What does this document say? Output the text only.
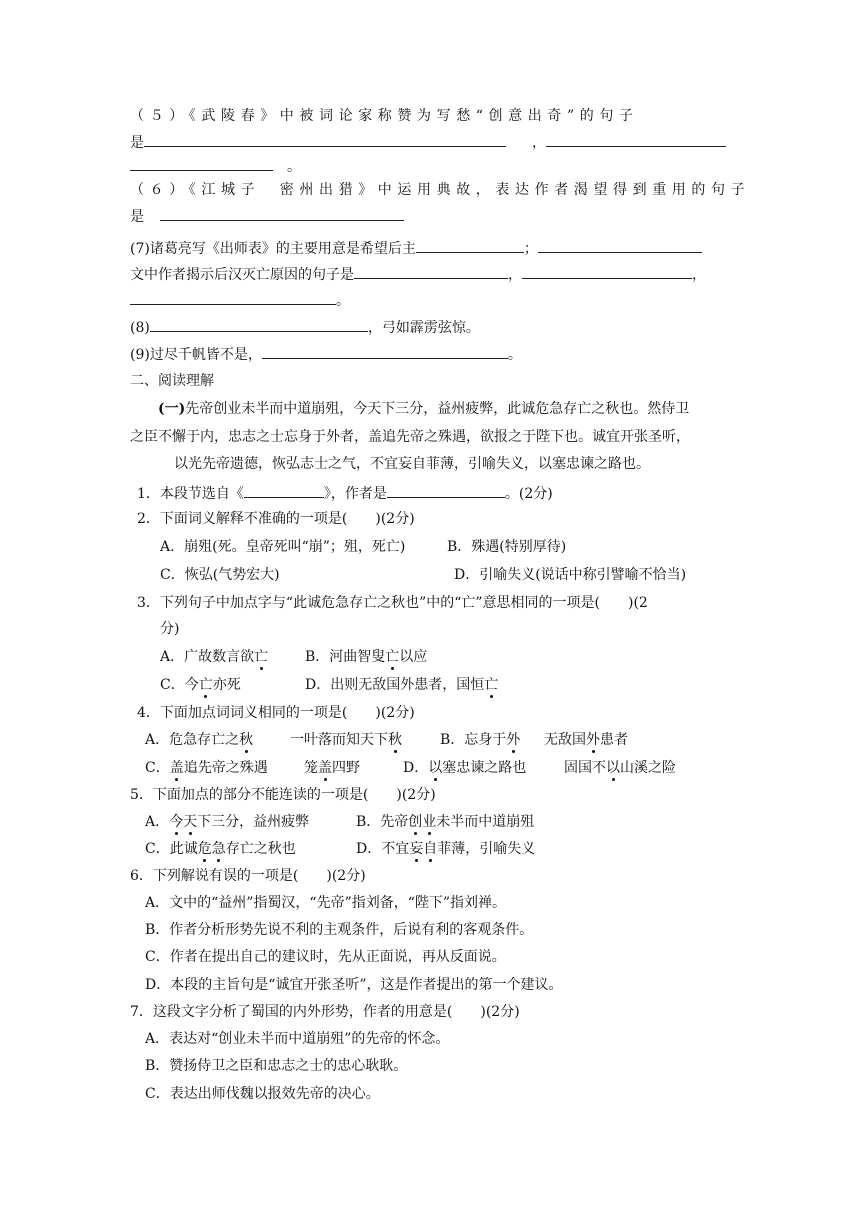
（５）《武陵春》中被词论家称赞为写愁“创意出奇”的句子
是	，
。
（６）《江城子　密州出猎》中运用典故，表达作者渴望得到重用的句子
是
(7)诸葛亮写《出师表》的主要用意是希望后主	；
文中作者揭示后汉灭亡原因的句子是	，	，
。
(8)	，弓如霹雳弦惊。
(9)过尽千帆皆不是，	。
二、阅读理解
(一)先帝创业未半而中道崩殂，今天下三分，益州疲弊，此诚危急存亡之秋也。然侍卫
之臣不懈于内，忠志之士忘身于外者，盖追先帝之殊遇，欲报之于陛下也。诚宜开张圣听，
以光先帝遗德，恢弘志士之气，不宜妄自菲薄，引喻失义，以塞忠谏之路也。
1．本段节选自《	》，作者是	。(2分)
2．下面词义解释不准确的一项是(　　)(2分)
A．崩殂(死。皇帝死叫“崩”；殂，死亡)	B．殊遇(特别厚待)
C．恢弘(气势宏大)	D．引喻失义(说话中称引譬喻不恰当)
3．下列句子中加点字与“此诚危急存亡之秋也”中的“亡”意思相同的一项是(　　)(2
分)
A．广故数言欲亡	B．河曲智叟亡以应
C．今亡亦死	D．出则无敌国外患者，国恒亡
4．下面加点词词义相同的一项是(　　)(2分)
A．危急存亡之秋	一叶落而知天下秋	B．忘身于外 无敌国外患者
C．盖追先帝之殊遇	笼盖四野	D．以塞忠谏之路也	固国不以山溪之险
5．下面加点的部分不能连读的一项是(　　)(2分)
A．今天下三分，益州疲弊	B．先帝创业未半而中道崩殂
C．此诚危急存亡之秋也	D．不宜妄自菲薄，引喻失义
6．下列解说有误的一项是(　　)(2分)
A．文中的“益州”指蜀汉，“先帝”指刘备，“陛下”指刘禅。
B．作者分析形势先说不利的主观条件，后说有利的客观条件。
C．作者在提出自己的建议时，先从正面说，再从反面说。
D．本段的主旨句是“诚宜开张圣听”，这是作者提出的第一个建议。
7．这段文字分析了蜀国的内外形势，作者的用意是(　　)(2分)
A．表达对“创业未半而中道崩殂”的先帝的怀念。
B．赞扬侍卫之臣和忠志之士的忠心耿耿。
C．表达出师伐魏以报效先帝的决心。
